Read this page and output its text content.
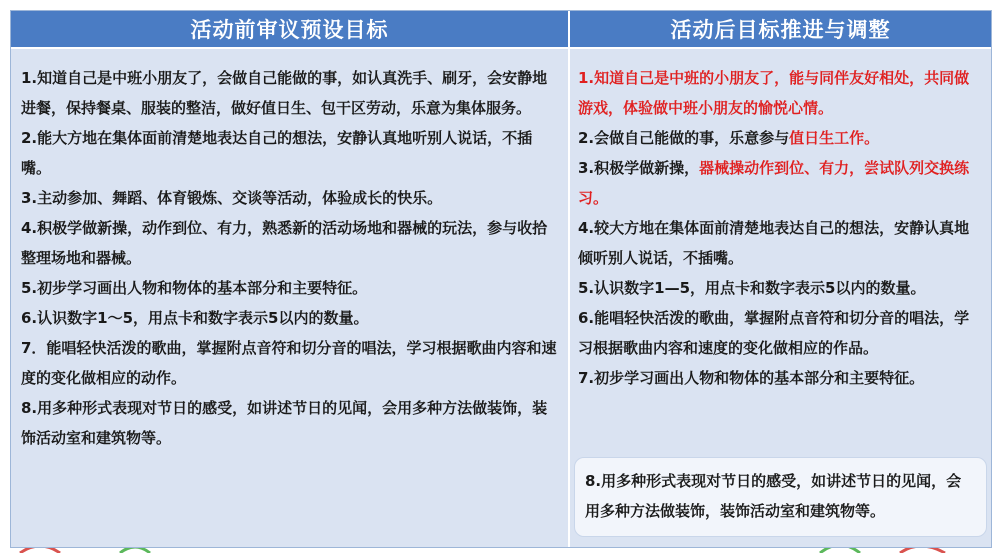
活动前审议预设目标

1.知道自己是中班小朋友了，会做自己能做的事，如认真洗手、刷牙，会安静地进餐，保持餐桌、服装的整洁，做好值日生、包干区劳动，乐意为集体服务。

2.能大方地在集体面前清楚地表达自己的想法，安静认真地听别人说话，不插嘴。

3.主动参加、舞蹈、体育锻炼、交谈等活动，体验成长的快乐。

4.积极学做新操，动作到位、有力，熟悉新的活动场地和器械的玩法，参与收拾整理场地和器械。

5.初步学习画出人物和物体的基本部分和主要特征。

6.认识数字1～5，用点卡和数字表示5以内的数量。

7．能唱轻快活泼的歌曲，掌握附点音符和切分音的唱法，学习根据歌曲内容和速度的变化做相应的动作。

8.用多种形式表现对节日的感受，如讲述节日的见闻，会用多种方法做装饰，装饰活动室和建筑物等。

活动后目标推进与调整

1.知道自己是中班的小朋友了，能与同伴友好相处，共同做游戏，体验做中班小朋友的愉悦心情。

2.会做自己能做的事，乐意参与值日生工作。

3.积极学做新操，器械操动作到位、有力，尝试队列交换练习。

4.较大方地在集体面前清楚地表达自己的想法，安静认真地倾听别人说话，不插嘴。

5.认识数字1—5，用点卡和数字表示5以内的数量。

6.能唱轻快活泼的歌曲，掌握附点音符和切分音的唱法，学习根据歌曲内容和速度的变化做相应的作品。

7.初步学习画出人物和物体的基本部分和主要特征。

8.用多种形式表现对节日的感受，如讲述节日的见闻，会用多种方法做装饰，装饰活动室和建筑物等。
